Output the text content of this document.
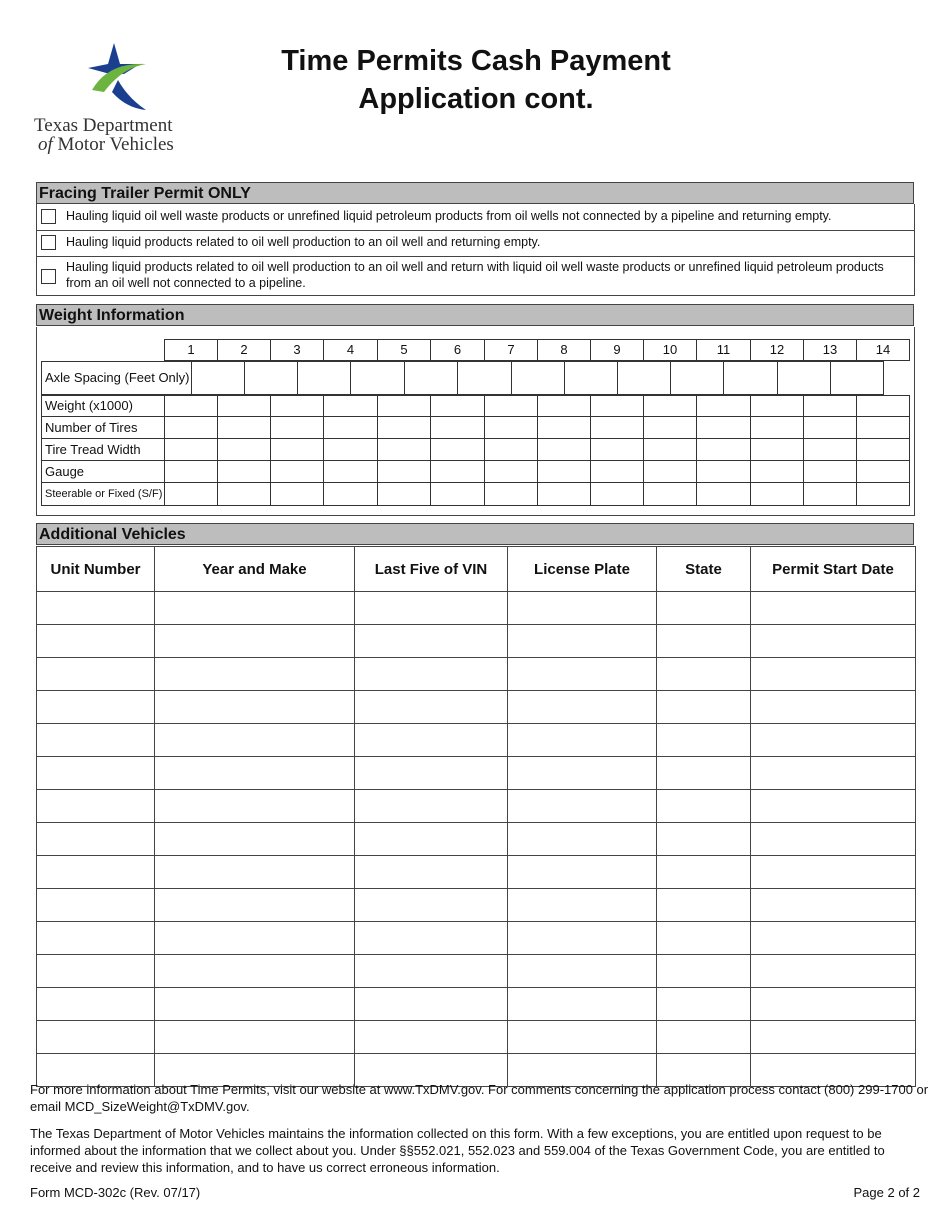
Texas Department
of Motor Vehicles
Time Permits Cash Payment
Application cont.
Fracing Trailer Permit ONLY
Hauling liquid oil well waste products or unrefined liquid petroleum products from oil wells not connected by a pipeline and returning empty.
Hauling liquid products related to oil well production to an oil well and returning empty.
Hauling liquid products related to oil well production to an oil well and return with liquid oil well waste products or unrefined liquid petroleum products from an oil well not connected to a pipeline.
Weight Information
1	2	3	4	5	6	7	8	9	10	11	12	13	14
Axle Spacing (Feet Only)
Weight (x1000)
Number of Tires
Tire Tread Width
Gauge
Steerable or Fixed (S/F)
Additional Vehicles
Unit Number	Year and Make	Last Five of VIN	License Plate	State	Permit Start Date

For more information about Time Permits, visit our website at www.TxDMV.gov. For comments concerning the application process contact (800) 299-1700 or email MCD_SizeWeight@TxDMV.gov.
The Texas Department of Motor Vehicles maintains the information collected on this form. With a few exceptions, you are entitled upon request to be informed about the information that we collect about you. Under §§552.021, 552.023 and 559.004 of the Texas Government Code, you are entitled to receive and review this information, and to have us correct erroneous information.
Form MCD-302c (Rev. 07/17)	Page 2 of 2
